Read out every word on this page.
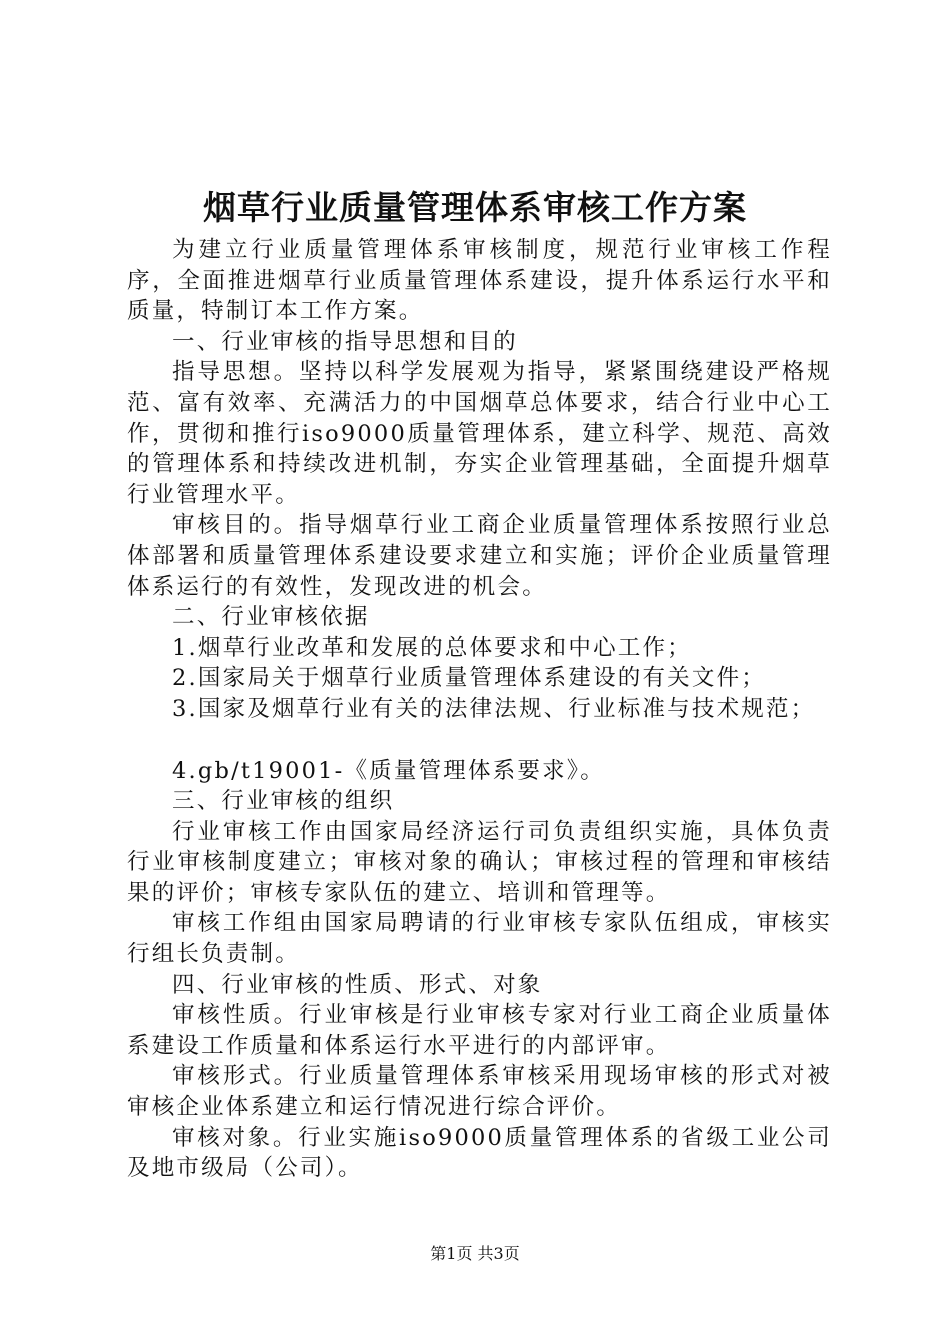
烟草行业质量管理体系审核工作方案

为建立行业质量管理体系审核制度，规范行业审核工作程序，全面推进烟草行业质量管理体系建设，提升体系运行水平和质量，特制订本工作方案。

一、行业审核的指导思想和目的

指导思想。坚持以科学发展观为指导，紧紧围绕建设严格规范、富有效率、充满活力的中国烟草总体要求，结合行业中心工作，贯彻和推行iso9000质量管理体系，建立科学、规范、高效的管理体系和持续改进机制，夯实企业管理基础，全面提升烟草行业管理水平。

审核目的。指导烟草行业工商企业质量管理体系按照行业总体部署和质量管理体系建设要求建立和实施；评价企业质量管理体系运行的有效性，发现改进的机会。

二、行业审核依据

1.烟草行业改革和发展的总体要求和中心工作；

2.国家局关于烟草行业质量管理体系建设的有关文件；

3.国家及烟草行业有关的法律法规、行业标准与技术规范；

4.gb/t19001-《质量管理体系要求》。

三、行业审核的组织

行业审核工作由国家局经济运行司负责组织实施，具体负责行业审核制度建立；审核对象的确认；审核过程的管理和审核结果的评价；审核专家队伍的建立、培训和管理等。

审核工作组由国家局聘请的行业审核专家队伍组成，审核实行组长负责制。

四、行业审核的性质、形式、对象

审核性质。行业审核是行业审核专家对行业工商企业质量体系建设工作质量和体系运行水平进行的内部评审。

审核形式。行业质量管理体系审核采用现场审核的形式对被审核企业体系建立和运行情况进行综合评价。

审核对象。行业实施iso9000质量管理体系的省级工业公司及地市级局（公司）。

第1页 共3页
